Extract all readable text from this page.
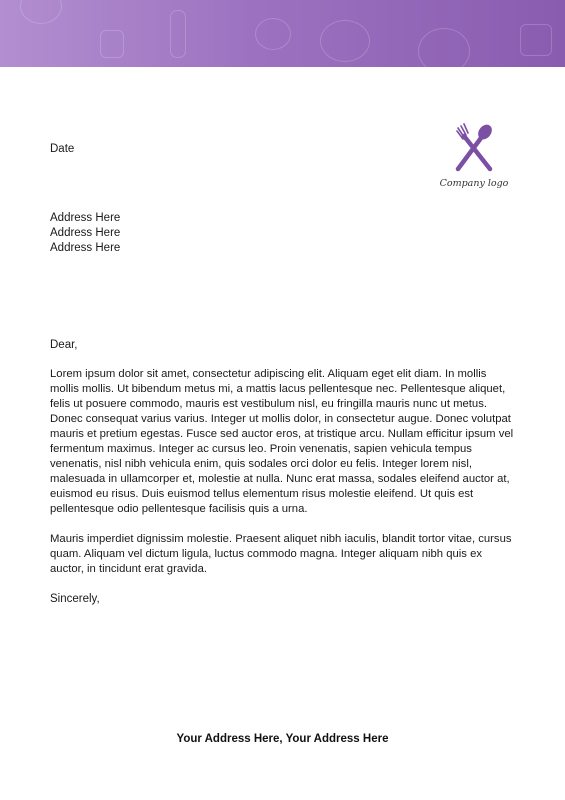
Date
Company logo
Address Here
Address Here
Address Here
Dear,

Lorem ipsum dolor sit amet, consectetur adipiscing elit. Aliquam eget elit diam. In mollis mollis mollis. Ut bibendum metus mi, a mattis lacus pellentesque nec. Pellentesque aliquet, felis ut posuere commodo, mauris est vestibulum nisl, eu fringilla mauris nunc ut metus. Donec consequat varius varius. Integer ut mollis dolor, in consectetur augue. Donec volutpat mauris et pretium egestas. Fusce sed auctor eros, at tristique arcu. Nullam efficitur ipsum vel fermentum maximus. Integer ac cursus leo. Proin venenatis, sapien vehicula tempus venenatis, nisl nibh vehicula enim, quis sodales orci dolor eu felis. Integer lorem nisl, malesuada in ullamcorper et, molestie at nulla. Nunc erat massa, sodales eleifend auctor at, euismod eu risus. Duis euismod tellus elementum risus molestie eleifend. Ut quis est pellentesque odio pellentesque facilisis quis a urna.

Mauris imperdiet dignissim molestie. Praesent aliquet nibh iaculis, blandit tortor vitae, cursus quam. Aliquam vel dictum ligula, luctus commodo magna. Integer aliquam nibh quis ex auctor, in tincidunt erat gravida.

Sincerely,
Your Address Here, Your Address Here
